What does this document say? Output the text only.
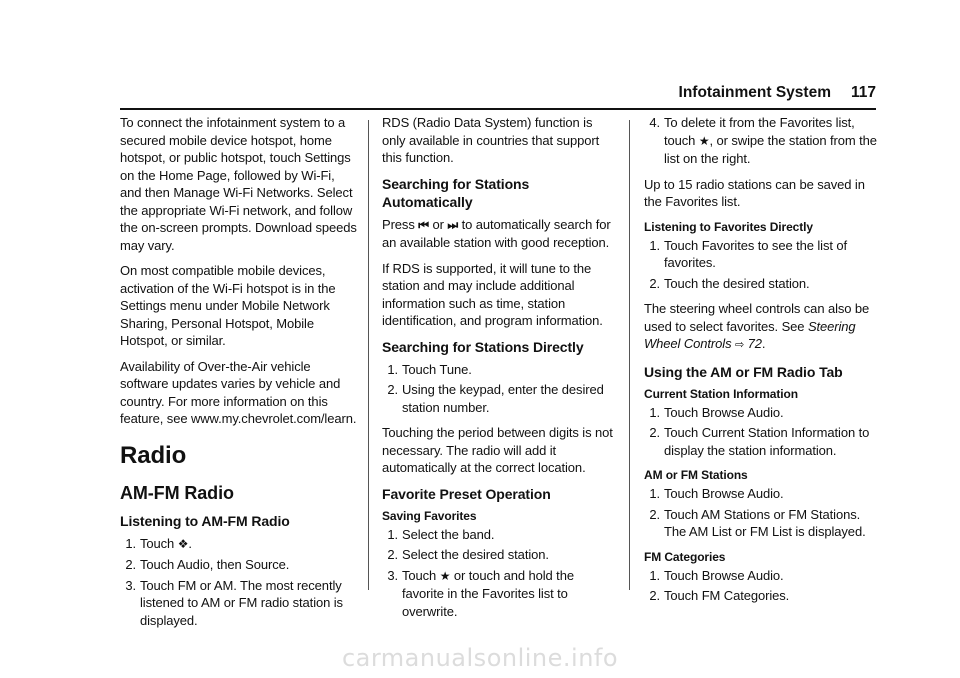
Infotainment System 117

To connect the infotainment system to a secured mobile device hotspot, home hotspot, or public hotspot, touch Settings on the Home Page, followed by Wi-Fi, and then Manage Wi-Fi Networks. Select the appropriate Wi-Fi network, and follow the on-screen prompts. Download speeds may vary.

On most compatible mobile devices, activation of the Wi-Fi hotspot is in the Settings menu under Mobile Network Sharing, Personal Hotspot, Mobile Hotspot, or similar.

Availability of Over-the-Air vehicle software updates varies by vehicle and country. For more information on this feature, see www.my.chevrolet.com/learn.

Radio
AM-FM Radio
Listening to AM-FM Radio
1. Touch ❖.
2. Touch Audio, then Source.
3. Touch FM or AM. The most recently listened to AM or FM radio station is displayed.

RDS (Radio Data System) function is only available in countries that support this function.

Searching for Stations Automatically

Press ⏮ or ⏭ to automatically search for an available station with good reception.

If RDS is supported, it will tune to the station and may include additional information such as time, station identification, and program information.

Searching for Stations Directly
1. Touch Tune.
2. Using the keypad, enter the desired station number.

Touching the period between digits is not necessary. The radio will add it automatically at the correct location.

Favorite Preset Operation
Saving Favorites
1. Select the band.
2. Select the desired station.
3. Touch ★ or touch and hold the favorite in the Favorites list to overwrite.
4. To delete it from the Favorites list, touch ★, or swipe the station from the list on the right.

Up to 15 radio stations can be saved in the Favorites list.

Listening to Favorites Directly
1. Touch Favorites to see the list of favorites.
2. Touch the desired station.

The steering wheel controls can also be used to select favorites. See Steering Wheel Controls ⇨ 72.

Using the AM or FM Radio Tab
Current Station Information
1. Touch Browse Audio.
2. Touch Current Station Information to display the station information.
AM or FM Stations
1. Touch Browse Audio.
2. Touch AM Stations or FM Stations. The AM List or FM List is displayed.
FM Categories
1. Touch Browse Audio.
2. Touch FM Categories.
carmanualsonline.info
